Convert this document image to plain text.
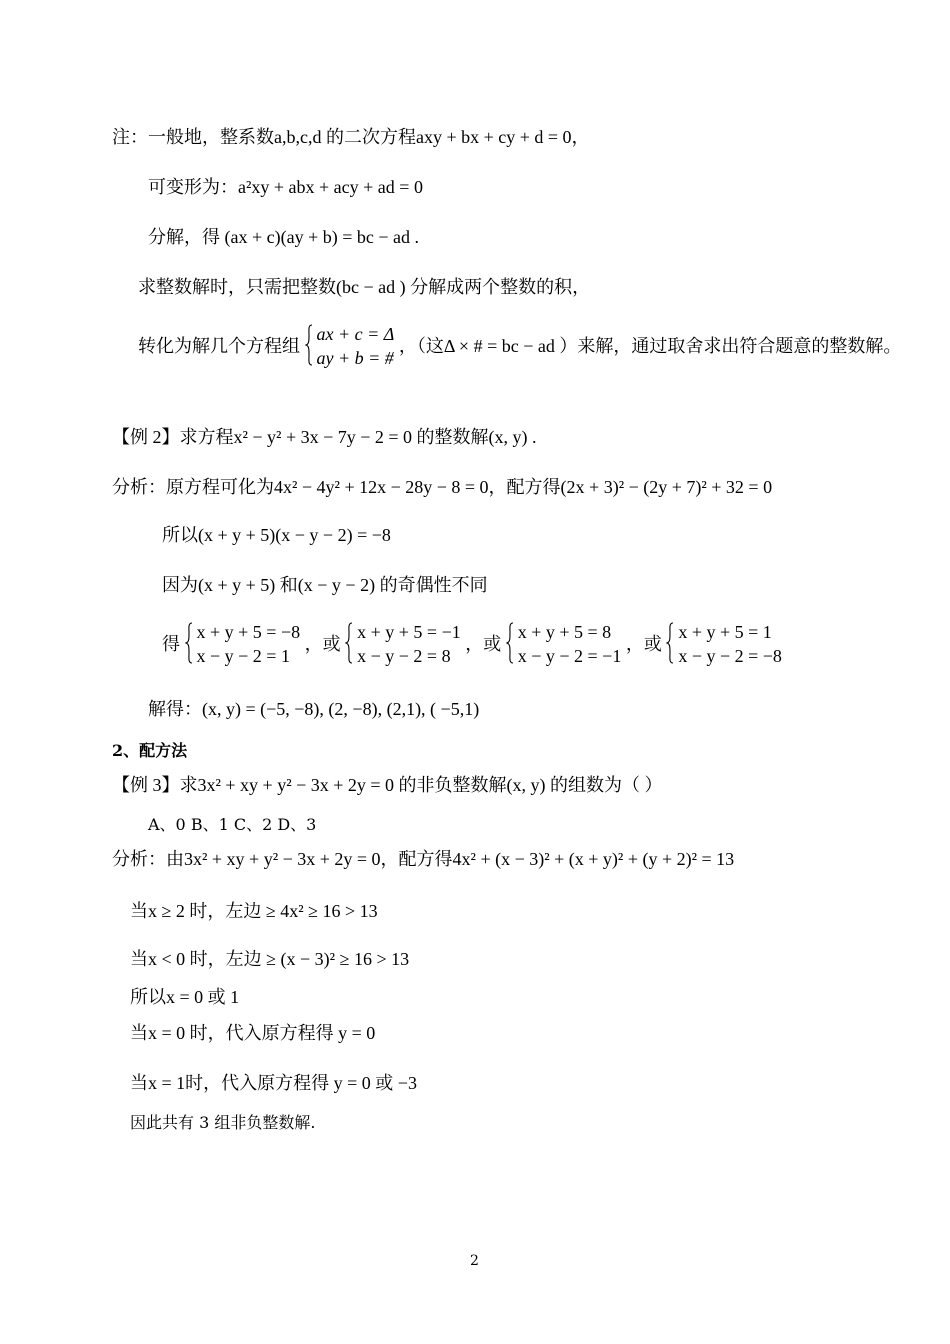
注：一般地，整系数a,b,c,d 的二次方程axy + bx + cy + d = 0，
可变形为：a²xy + abx + acy + ad = 0
分解，得 (ax + c)(ay + b) = bc − ad .
求整数解时，只需把整数(bc − ad ) 分解成两个整数的积，
转化为解几个方程组
ax + c = Δ
ay + b = #
，（这Δ × # = bc − ad ）来解，通过取舍求出符合题意的整数解。
【例 2】求方程x² − y² + 3x − 7y − 2 = 0 的整数解(x, y) .
分析：原方程可化为4x² − 4y² + 12x − 28y − 8 = 0，配方得(2x + 3)² − (2y + 7)² + 32 = 0
所以(x + y + 5)(x − y − 2) = −8
因为(x + y + 5) 和(x − y − 2) 的奇偶性不同
得
x + y + 5 = −8
x − y − 2 = 1
，或
x + y + 5 = −1
x − y − 2 = 8
，或
x + y + 5 = 8
x − y − 2 = −1
，或
x + y + 5 = 1
x − y − 2 = −8
解得：(x, y) = (−5, −8), (2, −8), (2,1), ( −5,1)
2、配方法
【例 3】求3x² + xy + y² − 3x + 2y = 0 的非负整数解(x, y) 的组数为（ ）
A、0 B、1 C、2 D、3
分析：由3x² + xy + y² − 3x + 2y = 0，配方得4x² + (x − 3)² + (x + y)² + (y + 2)² = 13
当x ≥ 2 时，左边 ≥ 4x² ≥ 16 > 13
当x < 0 时，左边 ≥ (x − 3)² ≥ 16 > 13
所以x = 0 或 1
当x = 0 时，代入原方程得 y = 0
当x = 1时，代入原方程得 y = 0 或 −3
因此共有 3 组非负整数解.
2
